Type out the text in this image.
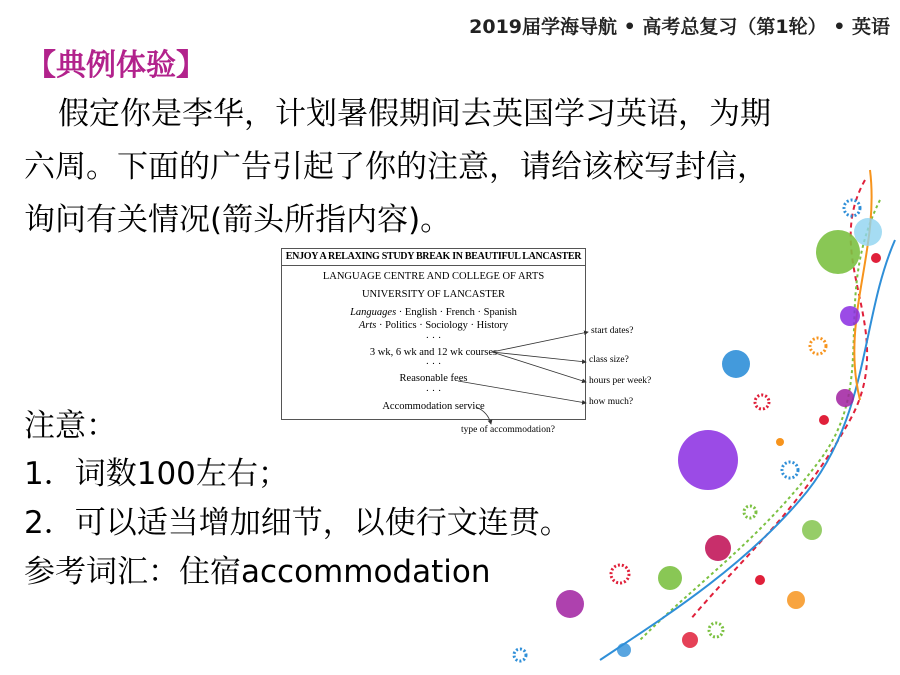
2019届学海导航 • 高考总复习（第1轮） • 英语
【典例体验】
假定你是李华，计划暑假期间去英国学习英语，为期
六周。下面的广告引起了你的注意，请给该校写封信，
询问有关情况(箭头所指内容)。
ENJOY A RELAXING STUDY BREAK IN BEAUTIFUL LANCASTER
LANGUAGE CENTRE AND COLLEGE OF ARTS
UNIVERSITY OF LANCASTER
Languages · English · French · Spanish
Arts · Politics · Sociology · History
· · ·
3 wk, 6 wk and 12 wk courses
· · ·
Reasonable fees
· · ·
Accommodation service
start dates?
class size?
hours per week?
how much?
type of accommodation?
注意：
1．词数100左右；
2．可以适当增加细节，以使行文连贯。
参考词汇：住宿accommodation
